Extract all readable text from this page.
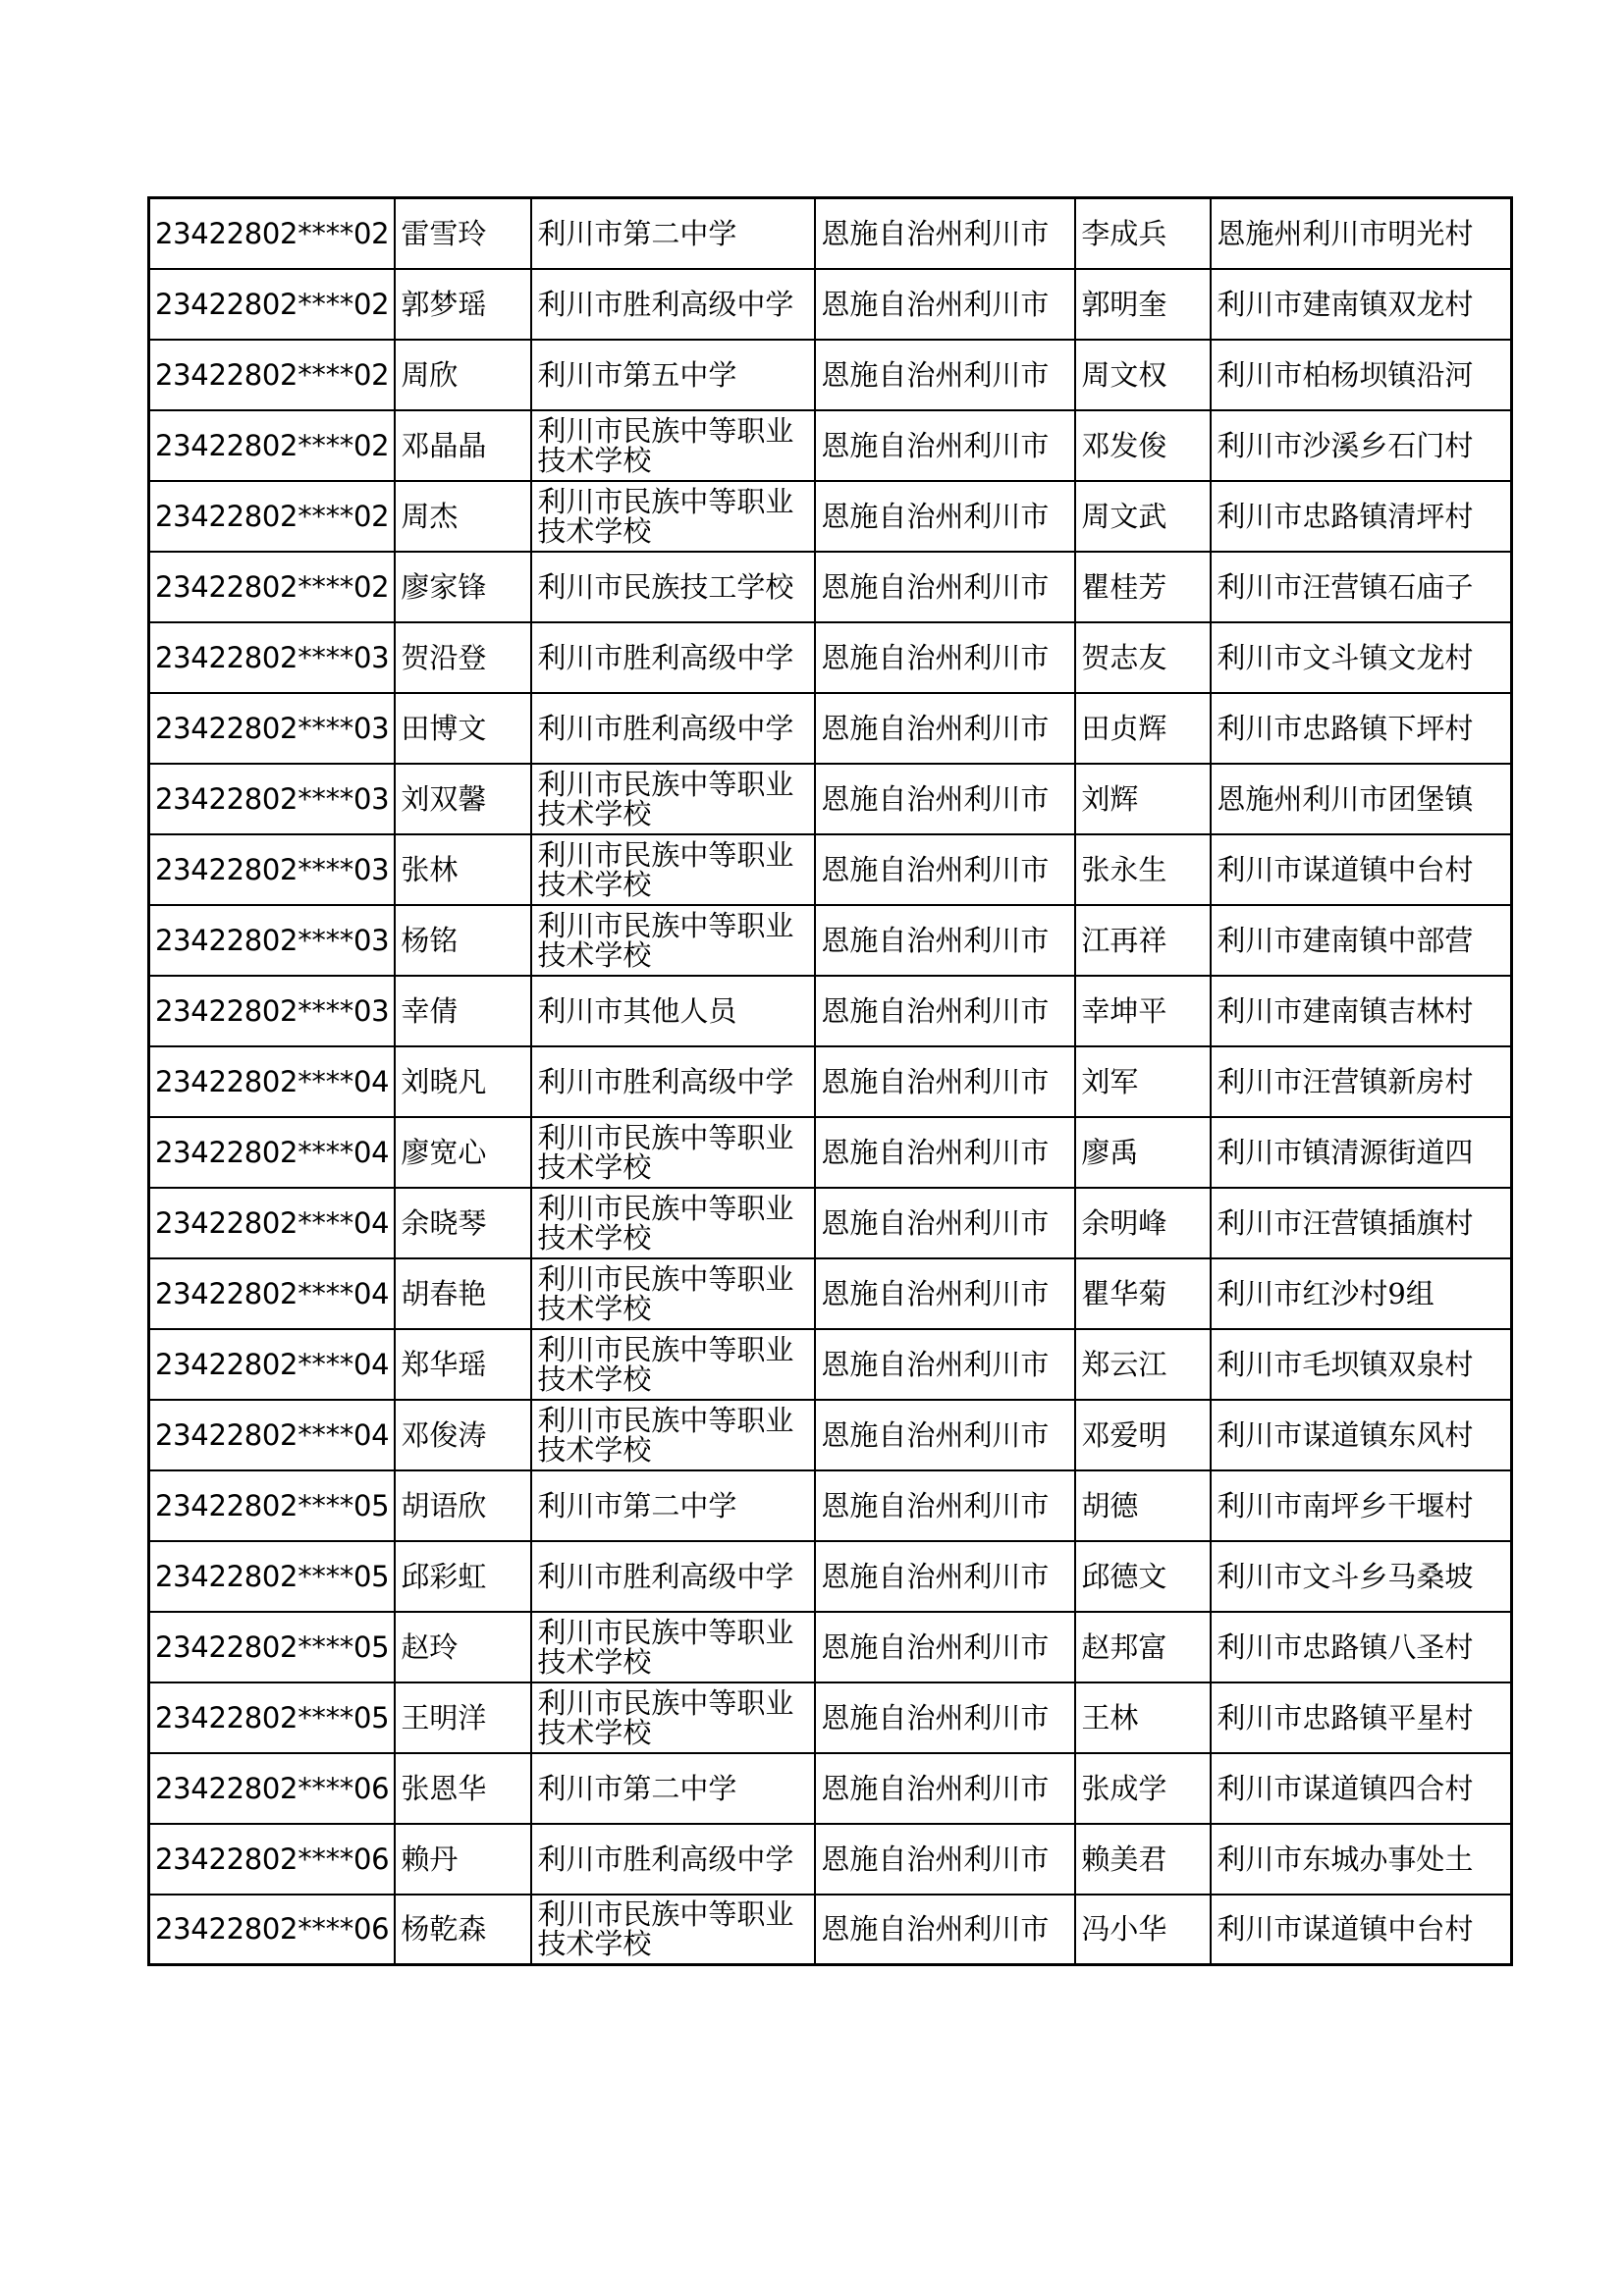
23422802****02	雷雪玲	利川市第二中学	恩施自治州利川市	李成兵	恩施州利川市明光村
23422802****02	郭梦瑶	利川市胜利高级中学	恩施自治州利川市	郭明奎	利川市建南镇双龙村
23422802****02	周欣	利川市第五中学	恩施自治州利川市	周文权	利川市柏杨坝镇沿河
23422802****02	邓晶晶	利川市民族中等职业
技术学校	恩施自治州利川市	邓发俊	利川市沙溪乡石门村
23422802****02	周杰	利川市民族中等职业
技术学校	恩施自治州利川市	周文武	利川市忠路镇清坪村
23422802****02	廖家锋	利川市民族技工学校	恩施自治州利川市	瞿桂芳	利川市汪营镇石庙子
23422802****03	贺沿登	利川市胜利高级中学	恩施自治州利川市	贺志友	利川市文斗镇文龙村
23422802****03	田博文	利川市胜利高级中学	恩施自治州利川市	田贞辉	利川市忠路镇下坪村
23422802****03	刘双馨	利川市民族中等职业
技术学校	恩施自治州利川市	刘辉	恩施州利川市团堡镇
23422802****03	张林	利川市民族中等职业
技术学校	恩施自治州利川市	张永生	利川市谋道镇中台村
23422802****03	杨铭	利川市民族中等职业
技术学校	恩施自治州利川市	江再祥	利川市建南镇中部营
23422802****03	幸倩	利川市其他人员	恩施自治州利川市	幸坤平	利川市建南镇吉林村
23422802****04	刘晓凡	利川市胜利高级中学	恩施自治州利川市	刘军	利川市汪营镇新房村
23422802****04	廖宽心	利川市民族中等职业
技术学校	恩施自治州利川市	廖禹	利川市镇清源街道四
23422802****04	余晓琴	利川市民族中等职业
技术学校	恩施自治州利川市	余明峰	利川市汪营镇插旗村
23422802****04	胡春艳	利川市民族中等职业
技术学校	恩施自治州利川市	瞿华菊	利川市红沙村9组
23422802****04	郑华瑶	利川市民族中等职业
技术学校	恩施自治州利川市	郑云江	利川市毛坝镇双泉村
23422802****04	邓俊涛	利川市民族中等职业
技术学校	恩施自治州利川市	邓爱明	利川市谋道镇东风村
23422802****05	胡语欣	利川市第二中学	恩施自治州利川市	胡德	利川市南坪乡干堰村
23422802****05	邱彩虹	利川市胜利高级中学	恩施自治州利川市	邱德文	利川市文斗乡马桑坡
23422802****05	赵玲	利川市民族中等职业
技术学校	恩施自治州利川市	赵邦富	利川市忠路镇八圣村
23422802****05	王明洋	利川市民族中等职业
技术学校	恩施自治州利川市	王林	利川市忠路镇平星村
23422802****06	张恩华	利川市第二中学	恩施自治州利川市	张成学	利川市谋道镇四合村
23422802****06	赖丹	利川市胜利高级中学	恩施自治州利川市	赖美君	利川市东城办事处土
23422802****06	杨乾森	利川市民族中等职业
技术学校	恩施自治州利川市	冯小华	利川市谋道镇中台村
